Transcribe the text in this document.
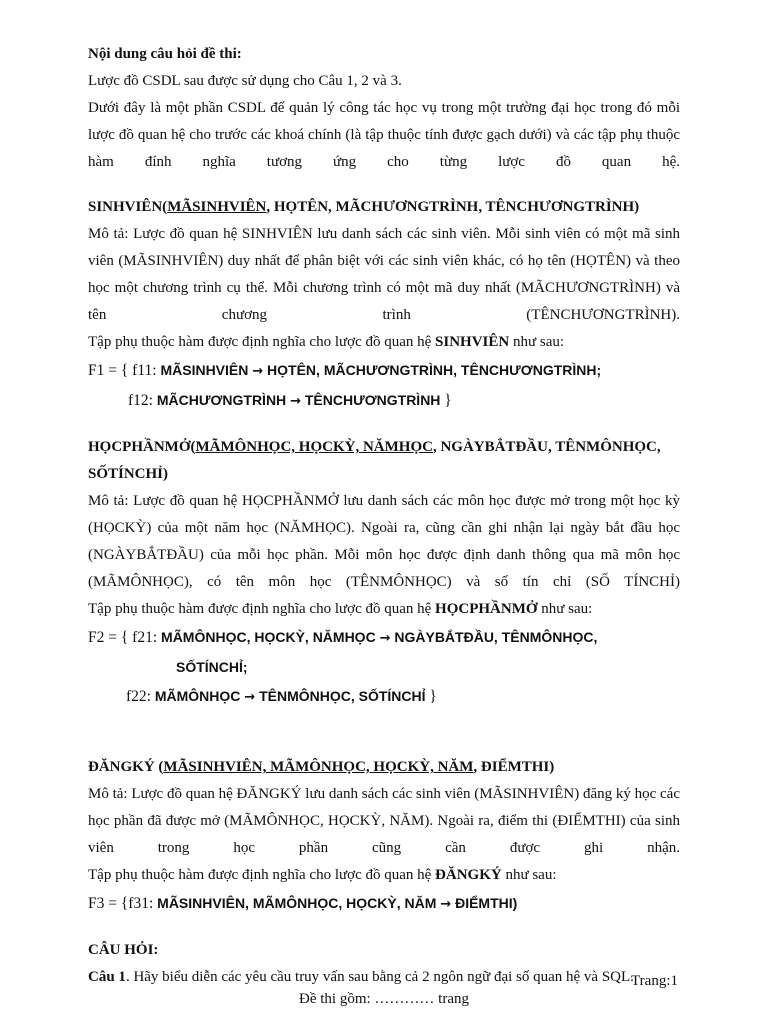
Nội dung câu hỏi đề thi:

Lược đồ CSDL sau được sử dụng cho Câu 1, 2 và 3.

Dưới đây là một phần CSDL để quản lý công tác học vụ trong một trường đại học trong đó mỗi lược đồ quan hệ cho trước các khoá chính (là tập thuộc tính được gạch dưới) và các tập phụ thuộc hàm đính nghĩa tương ứng cho từng lược đồ quan hệ.

SINHVIÊN(MÃSINHVIÊN, HỌTÊN, MÃCHƯƠNGTRÌNH, TÊNCHƯƠNGTRÌNH)

Mô tả: Lược đồ quan hệ SINHVIÊN lưu danh sách các sinh viên. Mỗi sinh viên có một mã sinh viên (MÃSINHVIÊN) duy nhất để phân biệt với các sinh viên khác, có họ tên (HỌTÊN) và theo học một chương trình cụ thể. Mỗi chương trình có một mã duy nhất (MÃCHƯƠNGTRÌNH) và tên chương trình (TÊNCHƯƠNGTRÌNH).

Tập phụ thuộc hàm được định nghĩa cho lược đồ quan hệ SINHVIÊN như sau:

F1 = { f11: MÃSINHVIÊN → HỌTÊN, MÃCHƯƠNGTRÌNH, TÊNCHƯƠNGTRÌNH;

f12: MÃCHƯƠNGTRÌNH → TÊNCHƯƠNGTRÌNH }

HỌCPHẦNMỞ(MÃMÔNHỌC, HỌCKỲ, NĂMHỌC, NGÀYBẮTĐẦU, TÊNMÔNHỌC,

SỐTÍNCHỈ)

Mô tả: Lược đồ quan hệ HỌCPHẦNMỞ lưu danh sách các môn học được mở trong một học kỳ (HỌCKỲ) của một năm học (NĂMHỌC). Ngoài ra, cũng cần ghi nhận lại ngày bắt đầu học (NGÀYBẮTĐẦU) của mỗi học phần. Mỗi môn học được định danh thông qua mã môn học (MÃMÔNHỌC), có tên môn học (TÊNMÔNHỌC) và số tín chỉ (SỐ TÍNCHỈ)

Tập phụ thuộc hàm được định nghĩa cho lược đồ quan hệ HỌCPHẦNMỞ như sau:

F2 = { f21: MÃMÔNHỌC, HỌCKỲ, NĂMHỌC → NGÀYBẮTĐẦU, TÊNMÔNHỌC,

SỐTÍNCHỈ;

f22: MÃMÔNHỌC → TÊNMÔNHỌC, SỐTÍNCHỈ }

ĐĂNGKÝ (MÃSINHVIÊN, MÃMÔNHỌC, HỌCKỲ, NĂM, ĐIỂMTHI)

Mô tả: Lược đồ quan hệ ĐĂNGKÝ lưu danh sách các sinh viên (MÃSINHVIÊN) đăng ký học các học phần đã được mở (MÃMÔNHỌC, HỌCKỲ, NĂM). Ngoài ra, điểm thi (ĐIỂMTHI) của sinh viên trong học phần cũng cần được ghi nhận.

Tập phụ thuộc hàm được định nghĩa cho lược đồ quan hệ ĐĂNGKÝ như sau:

F3 = {f31: MÃSINHVIÊN, MÃMÔNHỌC, HỌCKỲ, NĂM → ĐIỂMTHI)

CÂU HỎI:

Câu 1. Hãy biểu diễn các yêu cầu truy vấn sau bằng cả 2 ngôn ngữ đại số quan hệ và SQL.

Trang:1
Đề thi gồm: ………… trang
